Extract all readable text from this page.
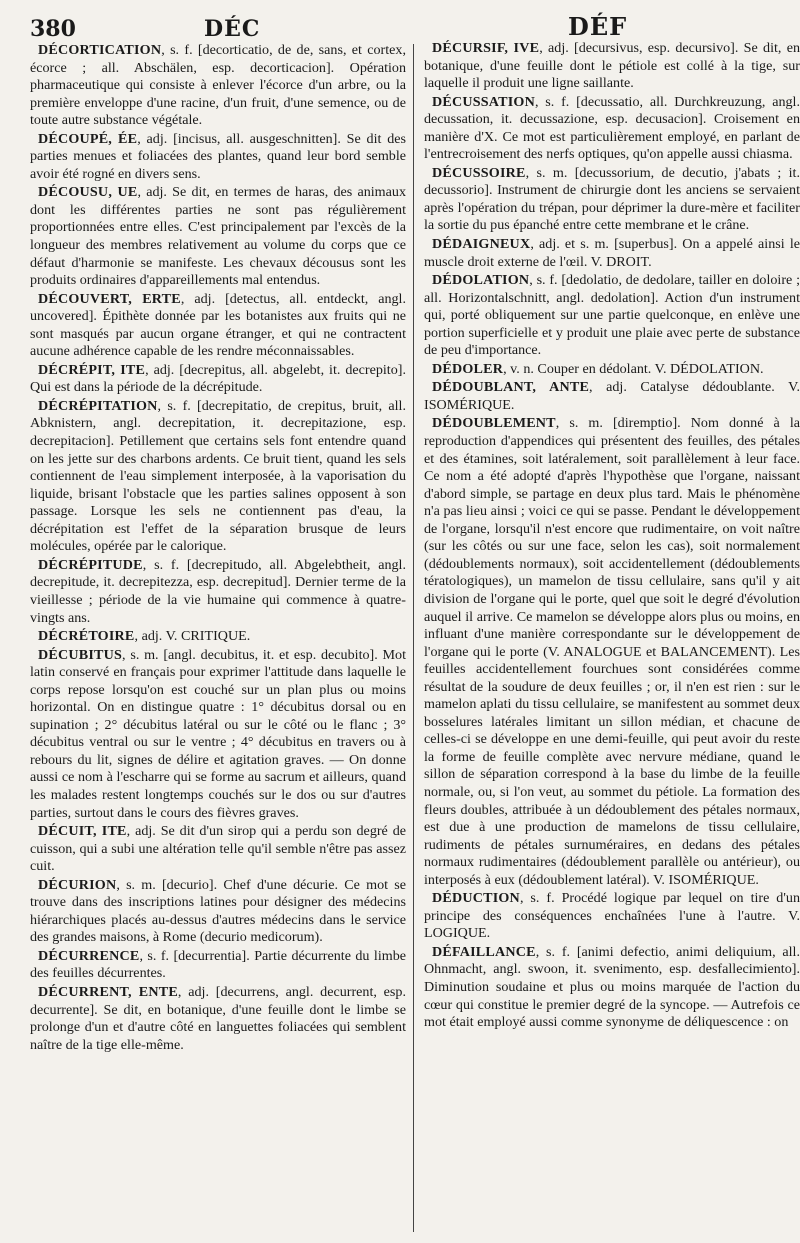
380	DÉC	DÉF

DÉCORTICATION, s. f. [decorticatio, de de, sans, et cortex, écorce ; all. Abschälen, esp. decorticacion]. Opération pharmaceutique qui consiste à enlever l'écorce d'un arbre, ou la première enveloppe d'une racine, d'un fruit, d'une semence, ou de toute autre substance végétale.

DÉCOUPÉ, ÉE, adj. [incisus, all. ausgeschnitten]. Se dit des parties menues et foliacées des plantes, quand leur bord semble avoir été rogné en divers sens.

DÉCOUSU, UE, adj. Se dit, en termes de haras, des animaux dont les différentes parties ne sont pas régulièrement proportionnées entre elles. C'est principalement par l'excès de la longueur des membres relativement au volume du corps que ce défaut d'harmonie se manifeste. Les chevaux décousus sont les produits ordinaires d'appareillements mal entendus.

DÉCOUVERT, ERTE, adj. [detectus, all. entdeckt, angl. uncovered]. Épithète donnée par les botanistes aux fruits qui ne sont masqués par aucun organe étranger, et qui ne contractent aucune adhérence capable de les rendre méconnaissables.

DÉCRÉPIT, ITE, adj. [decrepitus, all. abgelebt, it. decrepito]. Qui est dans la période de la décrépitude.

DÉCRÉPITATION, s. f. [decrepitatio, de crepitus, bruit, all. Abknistern, angl. decrepitation, it. decrepitazione, esp. decrepitacion]. Petillement que certains sels font entendre quand on les jette sur des charbons ardents. Ce bruit tient, quand les sels contiennent de l'eau simplement interposée, à la vaporisation du liquide, brisant l'obstacle que les parties salines opposent à son passage. Lorsque les sels ne contiennent pas d'eau, la décrépitation est l'effet de la séparation brusque de leurs molécules, opérée par le calorique.

DÉCRÉPITUDE, s. f. [decrepitudo, all. Abgelebtheit, angl. decrepitude, it. decrepitezza, esp. decrepitud]. Dernier terme de la vieillesse ; période de la vie humaine qui commence à quatre-vingts ans.

DÉCRÉTOIRE, adj. V. CRITIQUE.

DÉCUBITUS, s. m. [angl. decubitus, it. et esp. decubito]. Mot latin conservé en français pour exprimer l'attitude dans laquelle le corps repose lorsqu'on est couché sur un plan plus ou moins horizontal. On en distingue quatre : 1° décubitus dorsal ou en supination ; 2° décubitus latéral ou sur le côté ou le flanc ; 3° décubitus ventral ou sur le ventre ; 4° décubitus en travers ou à rebours du lit, signes de délire et agitation graves. — On donne aussi ce nom à l'escharre qui se forme au sacrum et ailleurs, quand les malades restent longtemps couchés sur le dos ou sur d'autres parties, surtout dans le cours des fièvres graves.

DÉCUIT, ITE, adj. Se dit d'un sirop qui a perdu son degré de cuisson, qui a subi une altération telle qu'il semble n'être pas assez cuit.

DÉCURION, s. m. [decurio]. Chef d'une décurie. Ce mot se trouve dans des inscriptions latines pour désigner des médecins hiérarchiques placés au-dessus d'autres médecins dans le service des grandes maisons, à Rome (decurio medicorum).

DÉCURRENCE, s. f. [decurrentia]. Partie décurrente du limbe des feuilles décurrentes.

DÉCURRENT, ENTE, adj. [decurrens, angl. decurrent, esp. decurrente]. Se dit, en botanique, d'une feuille dont le limbe se prolonge d'un et d'autre côté en languettes foliacées qui semblent naître de la tige elle-même.

DÉCURSIF, IVE, adj. [decursivus, esp. decursivo]. Se dit, en botanique, d'une feuille dont le pétiole est collé à la tige, sur laquelle il produit une ligne saillante.

DÉCUSSATION, s. f. [decussatio, all. Durchkreuzung, angl. decussation, it. decussazione, esp. decusacion]. Croisement en manière d'X. Ce mot est particulièrement employé, en parlant de l'entrecroisement des nerfs optiques, qu'on appelle aussi chiasma.

DÉCUSSOIRE, s. m. [decussorium, de decutio, j'abats ; it. decussorio]. Instrument de chirurgie dont les anciens se servaient après l'opération du trépan, pour déprimer la dure-mère et faciliter la sortie du pus épanché entre cette membrane et le crâne.

DÉDAIGNEUX, adj. et s. m. [superbus]. On a appelé ainsi le muscle droit externe de l'œil. V. DROIT.

DÉDOLATION, s. f. [dedolatio, de dedolare, tailler en doloire ; all. Horizontalschnitt, angl. dedolation]. Action d'un instrument qui, porté obliquement sur une partie quelconque, en enlève une portion superficielle et y produit une plaie avec perte de substance de peu d'importance.

DÉDOLER, v. n. Couper en dédolant. V. DÉDOLATION.

DÉDOUBLANT, ANTE, adj. Catalyse dédoublante. V. ISOMÉRIQUE.

DÉDOUBLEMENT, s. m. [diremptio]. Nom donné à la reproduction d'appendices qui présentent des feuilles, des pétales et des étamines, soit latéralement, soit parallèlement à leur face. Ce nom a été adopté d'après l'hypothèse que l'organe, naissant d'abord simple, se partage en deux plus tard. Mais le phénomène n'a pas lieu ainsi ; voici ce qui se passe. Pendant le développement de l'organe, lorsqu'il n'est encore que rudimentaire, on voit naître (sur les côtés ou sur une face, selon les cas), soit normalement (dédoublements normaux), soit accidentellement (dédoublements tératologiques), un mamelon de tissu cellulaire, sans qu'il y ait division de l'organe qui le porte, quel que soit le degré d'évolution auquel il arrive. Ce mamelon se développe alors plus ou moins, en influant d'une manière correspondante sur le développement de l'organe qui le porte (V. ANALOGUE et BALANCEMENT). Les feuilles accidentellement fourchues sont considérées comme résultat de la soudure de deux feuilles ; or, il n'en est rien : sur le mamelon aplati du tissu cellulaire, se manifestent au sommet deux bosselures latérales limitant un sillon médian, et chacune de celles-ci se développe en une demi-feuille, qui peut avoir du reste la forme de feuille complète avec nervure médiane, quand le sillon de séparation correspond à la base du limbe de la feuille normale, ou, si l'on veut, au sommet du pétiole. La formation des fleurs doubles, attribuée à un dédoublement des pétales normaux, est due à une production de mamelons de tissu cellulaire, rudiments de pétales surnuméraires, en dedans des pétales normaux rudimentaires (dédoublement parallèle ou antérieur), ou interposés à eux (dédoublement latéral). V. ISOMÉRIQUE.

DÉDUCTION, s. f. Procédé logique par lequel on tire d'un principe des conséquences enchaînées l'une à l'autre. V. LOGIQUE.

DÉFAILLANCE, s. f. [animi defectio, animi deliquium, all. Ohnmacht, angl. swoon, it. svenimento, esp. desfallecimiento]. Diminution soudaine et plus ou moins marquée de l'action du cœur qui constitue le premier degré de la syncope. — Autrefois ce mot était employé aussi comme synonyme de déliquescence : on
